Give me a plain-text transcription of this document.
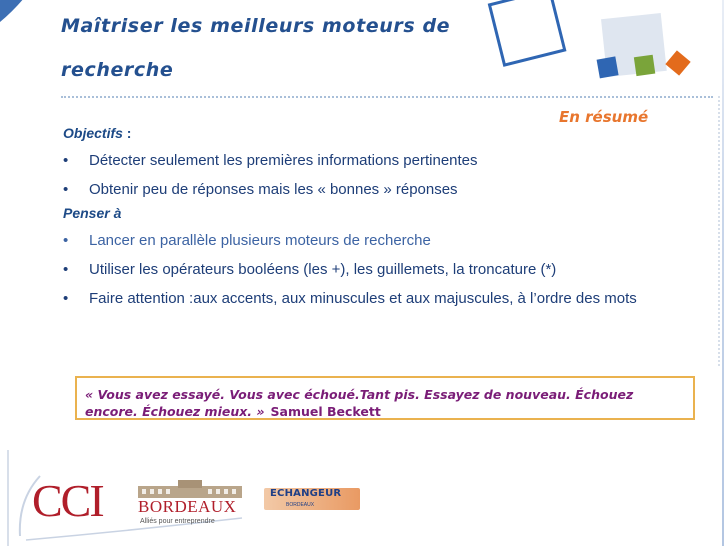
Maîtriser les meilleurs moteurs de recherche
En résumé
Objectifs :
•	Détecter seulement les premières informations pertinentes
•	Obtenir peu de réponses mais les « bonnes » réponses
Penser à
•	Lancer en parallèle plusieurs moteurs de recherche
•	Utiliser les opérateurs booléens (les +), les guillemets, la troncature (*)
•	Faire attention :aux accents, aux minuscules et aux majuscules, à l’ordre des mots
« Vous avez essayé. Vous avec échoué.Tant pis. Essayez de nouveau. Échouez encore. Échouez mieux. » Samuel Beckett
CCI BORDEAUX
Alliés pour entreprendre
ECHANGEUR
BORDEAUX
